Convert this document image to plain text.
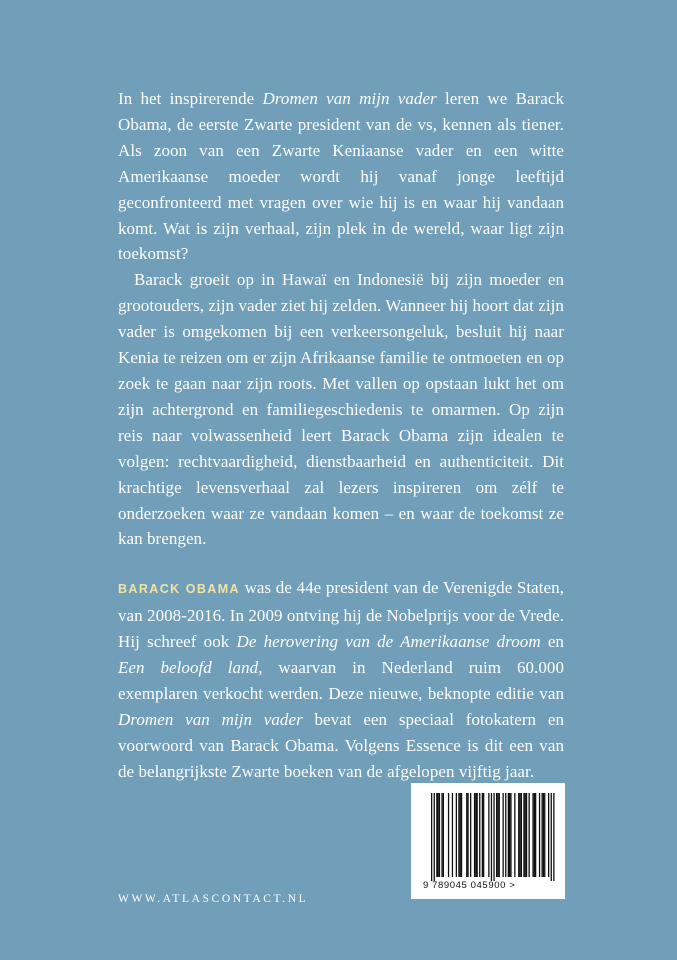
In het inspirerende Dromen van mijn vader leren we Barack Obama, de eerste Zwarte president van de vs, kennen als tiener. Als zoon van een Zwarte Keniaanse vader en een witte Amerikaanse moeder wordt hij vanaf jonge leeftijd geconfronteerd met vragen over wie hij is en waar hij vandaan komt. Wat is zijn verhaal, zijn plek in de wereld, waar ligt zijn toekomst?

Barack groeit op in Hawaï en Indonesië bij zijn moeder en grootouders, zijn vader ziet hij zelden. Wanneer hij hoort dat zijn vader is omgekomen bij een verkeersongeluk, besluit hij naar Kenia te reizen om er zijn Afrikaanse familie te ontmoeten en op zoek te gaan naar zijn roots. Met vallen op opstaan lukt het om zijn achtergrond en familiegeschiedenis te omarmen. Op zijn reis naar volwassenheid leert Barack Obama zijn idealen te volgen: rechtvaardigheid, dienstbaarheid en authenticiteit. Dit krachtige levensverhaal zal lezers inspireren om zélf te onderzoeken waar ze vandaan komen – en waar de toekomst ze kan brengen.

BARACK OBAMA was de 44e president van de Verenigde Staten, van 2008-2016. In 2009 ontving hij de Nobelprijs voor de Vrede. Hij schreef ook De herovering van de Amerikaanse droom en Een beloofd land, waarvan in Nederland ruim 60.000 exemplaren verkocht werden. Deze nieuwe, beknopte editie van Dromen van mijn vader bevat een speciaal fotokatern en voorwoord van Barack Obama. Volgens Essence is dit een van de belangrijkste Zwarte boeken van de afgelopen vijftig jaar.

WWW.ATLASCONTACT.NL
9 789045 045900 >
